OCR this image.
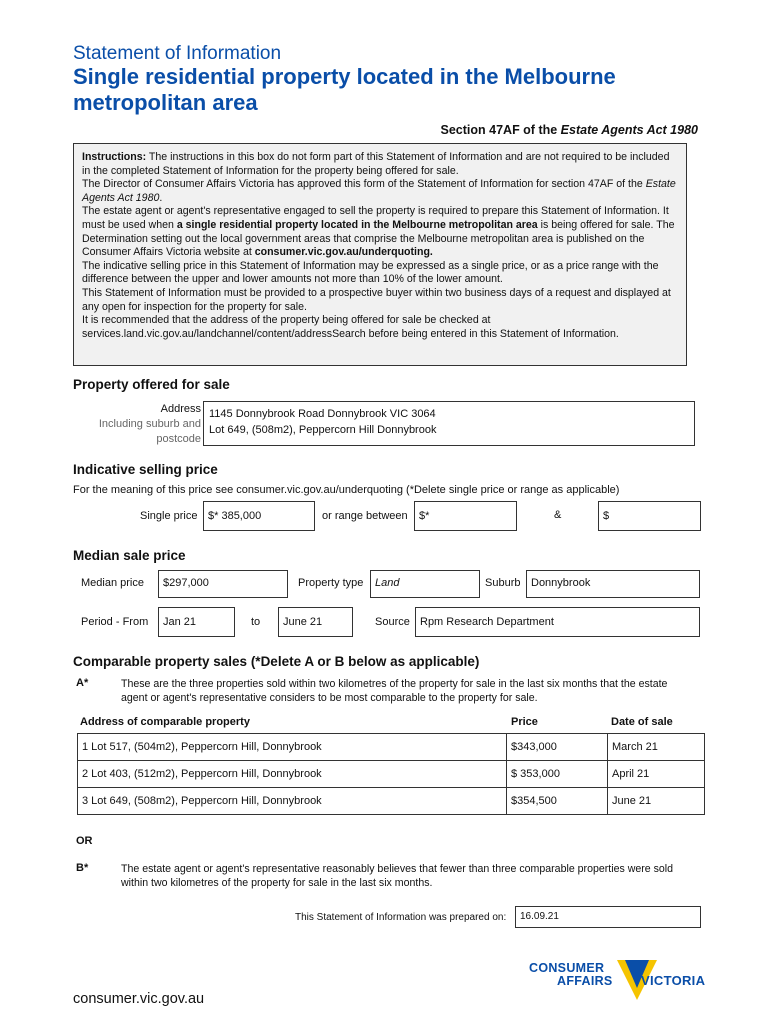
Statement of Information
Single residential property located in the Melbourne metropolitan area
Section 47AF of the Estate Agents Act 1980

Instructions: The instructions in this box do not form part of this Statement of Information and are not required to be included in the completed Statement of Information for the property being offered for sale.

The Director of Consumer Affairs Victoria has approved this form of the Statement of Information for section 47AF of the Estate Agents Act 1980.

The estate agent or agent's representative engaged to sell the property is required to prepare this Statement of Information. It must be used when a single residential property located in the Melbourne metropolitan area is being offered for sale. The Determination setting out the local government areas that comprise the Melbourne metropolitan area is published on the Consumer Affairs Victoria website at consumer.vic.gov.au/underquoting.

The indicative selling price in this Statement of Information may be expressed as a single price, or as a price range with the difference between the upper and lower amounts not more than 10% of the lower amount.

This Statement of Information must be provided to a prospective buyer within two business days of a request and displayed at any open for inspection for the property for sale.

It is recommended that the address of the property being offered for sale be checked at services.land.vic.gov.au/landchannel/content/addressSearch before being entered in this Statement of Information.

Property offered for sale
Address
Including suburb and
postcode
1145 Donnybrook Road Donnybrook VIC 3064
Lot 649, (508m2), Peppercorn Hill Donnybrook
Indicative selling price
For the meaning of this price see consumer.vic.gov.au/underquoting (*Delete single price or range as applicable)
Single price $* 385,000	or range between	$*	&	$
Median sale price
Median price	$297,000	Property type	Land	Suburb Donnybrook
Period - From	Jan 21	to	June 21	Source Rpm Research Department
Comparable property sales (*Delete A or B below as applicable)
A*	These are the three properties sold within two kilometres of the property for sale in the last six months that the estate agent or agent's representative considers to be most comparable to the property for sale.
Address of comparable property	Price	Date of sale
1 Lot 517, (504m2), Peppercorn Hill, Donnybrook	$343,000	March 21
2 Lot 403, (512m2), Peppercorn Hill, Donnybrook	$ 353,000	April 21
3 Lot 649, (508m2), Peppercorn Hill, Donnybrook	$354,500	June 21
OR
B*	The estate agent or agent's representative reasonably believes that fewer than three comparable properties were sold within two kilometres of the property for sale in the last six months.
This Statement of Information was prepared on:	16.09.21
CONSUMER
AFFAIRS VICTORIA
consumer.vic.gov.au
